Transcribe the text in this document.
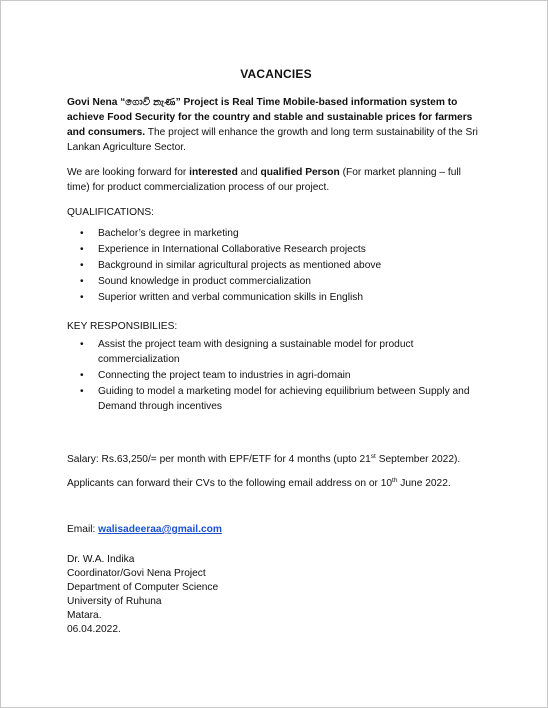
VACANCIES

Govi Nena “ගොවි නැණ” Project is Real Time Mobile-based information system to achieve Food Security for the country and stable and sustainable prices for farmers and consumers. The project will enhance the growth and long term sustainability of the Sri Lankan Agriculture Sector.

We are looking forward for interested and qualified Person (For market planning – full time) for product commercialization process of our project.

QUALIFICATIONS:
• Bachelor’s degree in marketing
• Experience in International Collaborative Research projects
• Background in similar agricultural projects as mentioned above
• Sound knowledge in product commercialization
• Superior written and verbal communication skills in English
KEY RESPONSIBILIES:
• Assist the project team with designing a sustainable model for product commercialization
• Connecting the project team to industries in agri-domain
• Guiding to model a marketing model for achieving equilibrium between Supply and Demand through incentives

Salary: Rs.63,250/= per month with EPF/ETF for 4 months (upto 21st September 2022).

Applicants can forward their CVs to the following email address on or 10th June 2022.

Email: walisadeeraa@gmail.com

Dr. W.A. Indika
Coordinator/Govi Nena Project
Department of Computer Science
University of Ruhuna
Matara.
06.04.2022.
